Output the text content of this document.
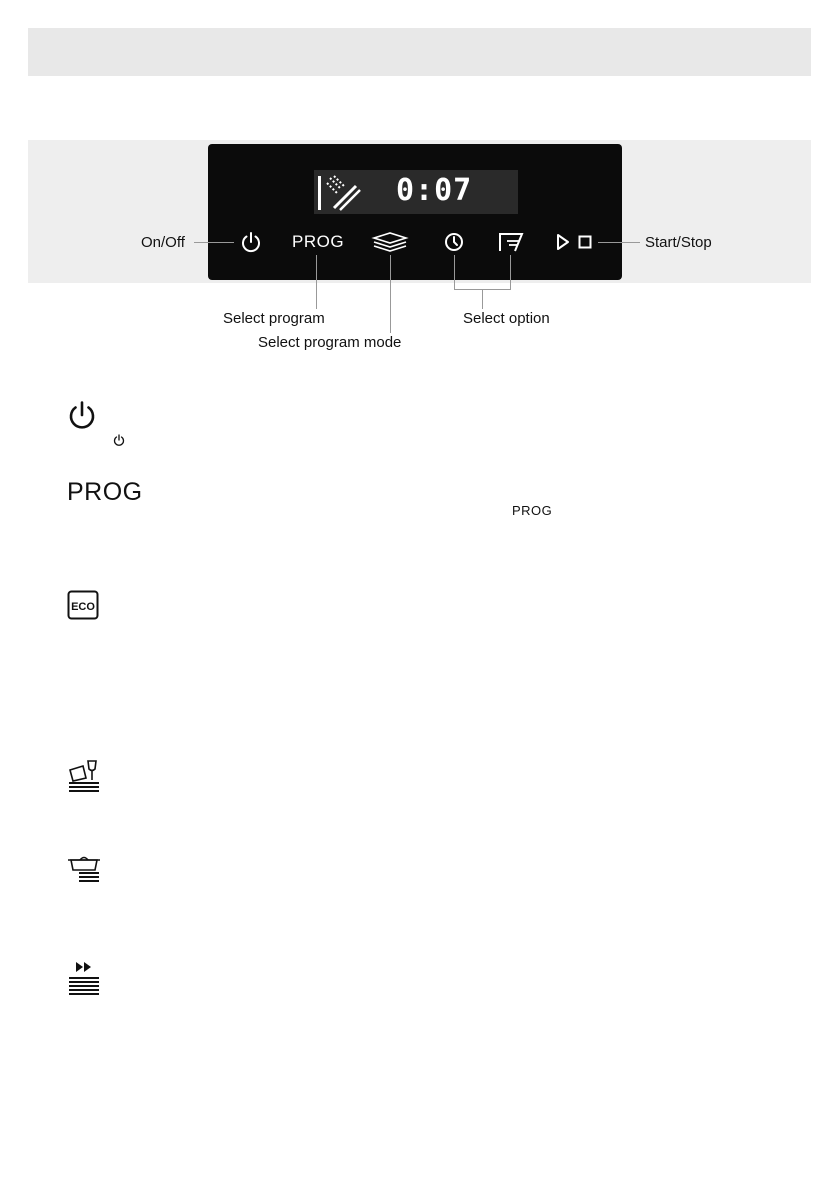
0:07
PROG
On/Off	Start/Stop
Select program
Select program mode
Select option
PROG
PROG
ECO
